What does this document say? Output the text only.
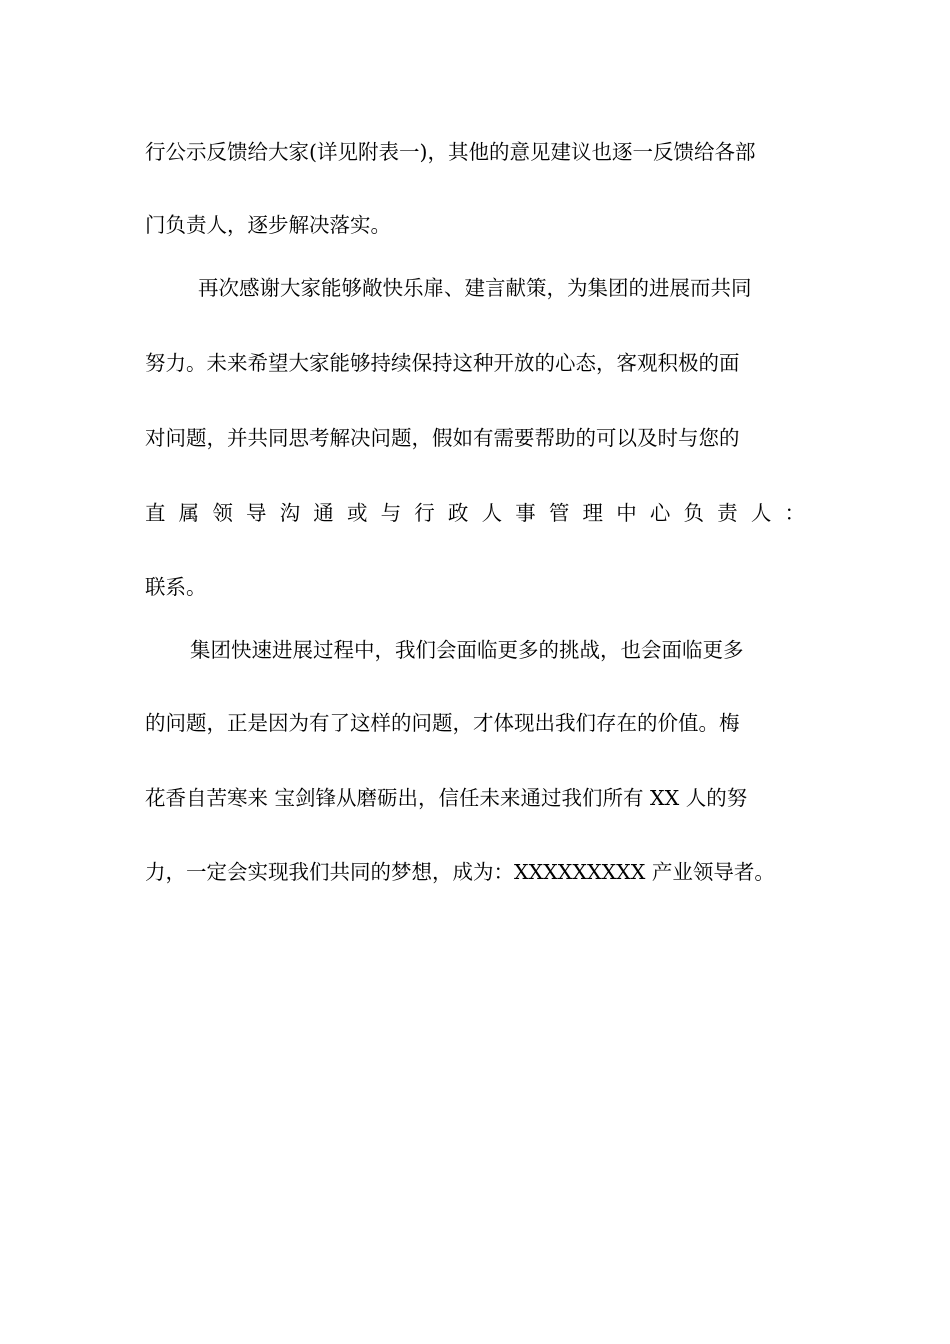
行公示反馈给大家(详见附表一)，其他的意见建议也逐一反馈给各部
门负责人，逐步解决落实。
再次感谢大家能够敞快乐扉、建言献策，为集团的进展而共同
努力。未来希望大家能够持续保持这种开放的心态，客观积极的面
对问题，并共同思考解决问题，假如有需要帮助的可以及时与您的
直 属 领 导 沟 通 或 与 行 政 人 事 管 理 中 心 负 责 人 ：
联系。
集团快速进展过程中，我们会面临更多的挑战，也会面临更多
的问题，正是因为有了这样的问题，才体现出我们存在的价值。梅
花香自苦寒来 宝剑锋从磨砺出，信任未来通过我们所有 XX 人的努
力，一定会实现我们共同的梦想，成为：XXXXXXXXX 产业领导者。
